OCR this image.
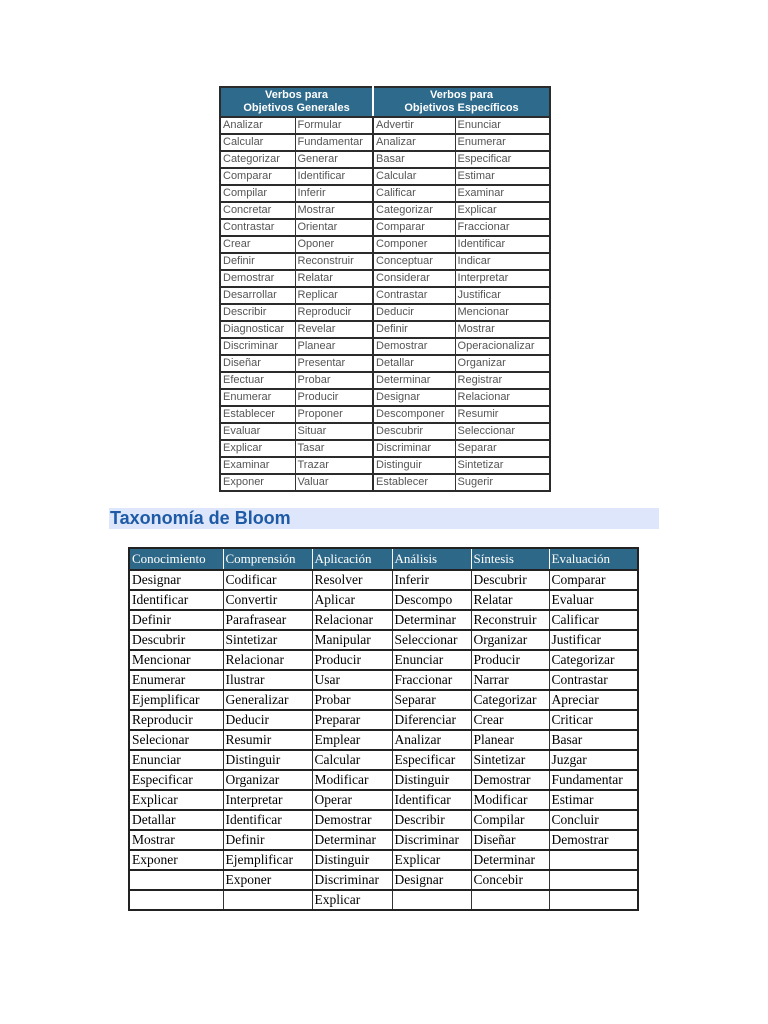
Verbos para
Objetivos Generales		Verbos para
Objetivos Específicos	
Analizar	Formular	Advertir	Enunciar
Calcular	Fundamentar	Analizar	Enumerar
Categorizar	Generar	Basar	Especificar
Comparar	Identificar	Calcular	Estimar
Compilar	Inferir	Calificar	Examinar
Concretar	Mostrar	Categorizar	Explicar
Contrastar	Orientar	Comparar	Fraccionar
Crear	Oponer	Componer	Identificar
Definir	Reconstruir	Conceptuar	Indicar
Demostrar	Relatar	Considerar	Interpretar
Desarrollar	Replicar	Contrastar	Justificar
Describir	Reproducir	Deducir	Mencionar
Diagnosticar	Revelar	Definir	Mostrar
Discriminar	Planear	Demostrar	Operacionalizar
Diseñar	Presentar	Detallar	Organizar
Efectuar	Probar	Determinar	Registrar
Enumerar	Producir	Designar	Relacionar
Establecer	Proponer	Descomponer	Resumir
Evaluar	Situar	Descubrir	Seleccionar
Explicar	Tasar	Discriminar	Separar
Examinar	Trazar	Distinguir	Sintetizar
Exponer	Valuar	Establecer	Sugerir
Taxonomía de Bloom
Conocimiento	Comprensión	Aplicación	Análisis	Síntesis	Evaluación
Designar	Codificar	Resolver	Inferir	Descubrir	Comparar
Identificar	Convertir	Aplicar	Descompo	Relatar	Evaluar
Definir	Parafrasear	Relacionar	Determinar	Reconstruir	Calificar
Descubrir	Sintetizar	Manipular	Seleccionar	Organizar	Justificar
Mencionar	Relacionar	Producir	Enunciar	Producir	Categorizar
Enumerar	Ilustrar	Usar	Fraccionar	Narrar	Contrastar
Ejemplificar	Generalizar	Probar	Separar	Categorizar	Apreciar
Reproducir	Deducir	Preparar	Diferenciar	Crear	Criticar
Selecionar	Resumir	Emplear	Analizar	Planear	Basar
Enunciar	Distinguir	Calcular	Especificar	Sintetizar	Juzgar
Especificar	Organizar	Modificar	Distinguir	Demostrar	Fundamentar
Explicar	Interpretar	Operar	Identificar	Modificar	Estimar
Detallar	Identificar	Demostrar	Describir	Compilar	Concluir
Mostrar	Definir	Determinar	Discriminar	Diseñar	Demostrar
Exponer	Ejemplificar	Distinguir	Explicar	Determinar	
	Exponer	Discriminar	Designar	Concebir	
		Explicar			
